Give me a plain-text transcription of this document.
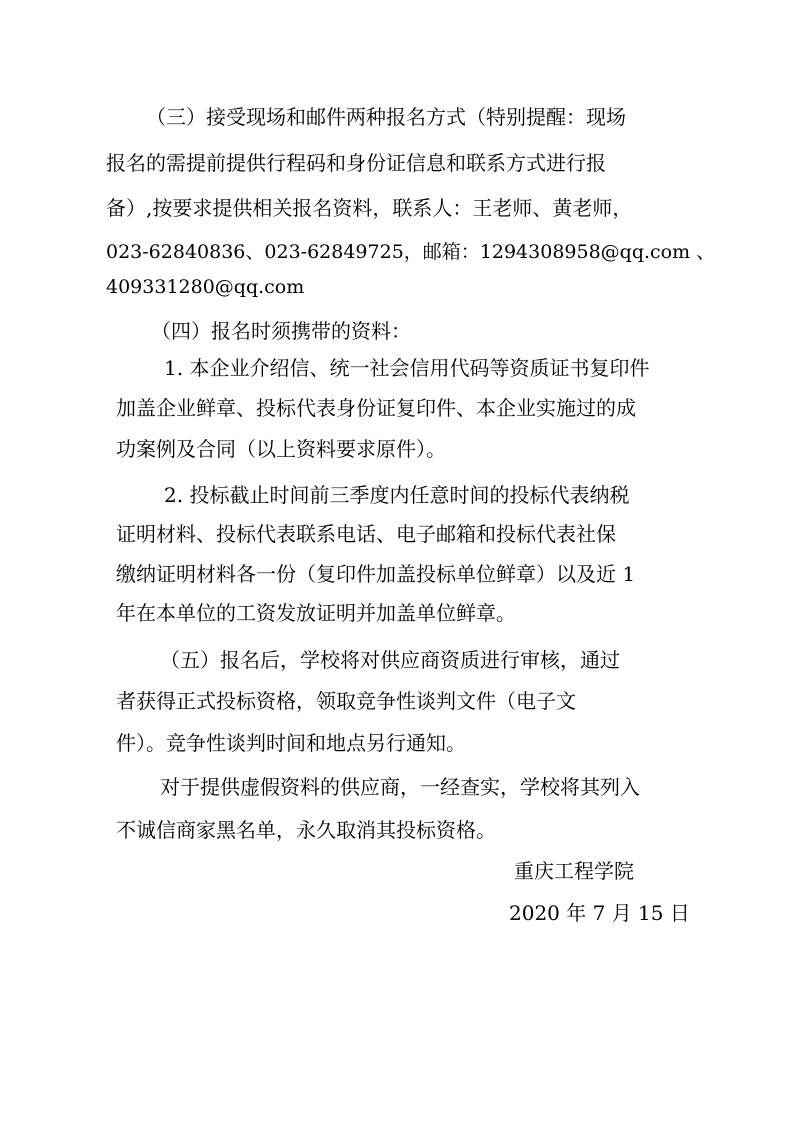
（三）接受现场和邮件两种报名方式（特别提醒：现场
报名的需提前提供行程码和身份证信息和联系方式进行报
备）,按要求提供相关报名资料，联系人：王老师、黄老师，
023-62840836、023-62849725，邮箱：1294308958@qq.com 、
409331280@qq.com
（四）报名时须携带的资料：
1. 本企业介绍信、统一社会信用代码等资质证书复印件
加盖企业鲜章、投标代表身份证复印件、本企业实施过的成
功案例及合同（以上资料要求原件）。
2. 投标截止时间前三季度内任意时间的投标代表纳税
证明材料、投标代表联系电话、电子邮箱和投标代表社保
缴纳证明材料各一份（复印件加盖投标单位鲜章）以及近 1
年在本单位的工资发放证明并加盖单位鲜章。
（五）报名后，学校将对供应商资质进行审核，通过
者获得正式投标资格，领取竞争性谈判文件（电子文
件）。竞争性谈判时间和地点另行通知。
对于提供虚假资料的供应商，一经查实，学校将其列入
不诚信商家黑名单，永久取消其投标资格。
重庆工程学院
2020 年 7 月 15 日
